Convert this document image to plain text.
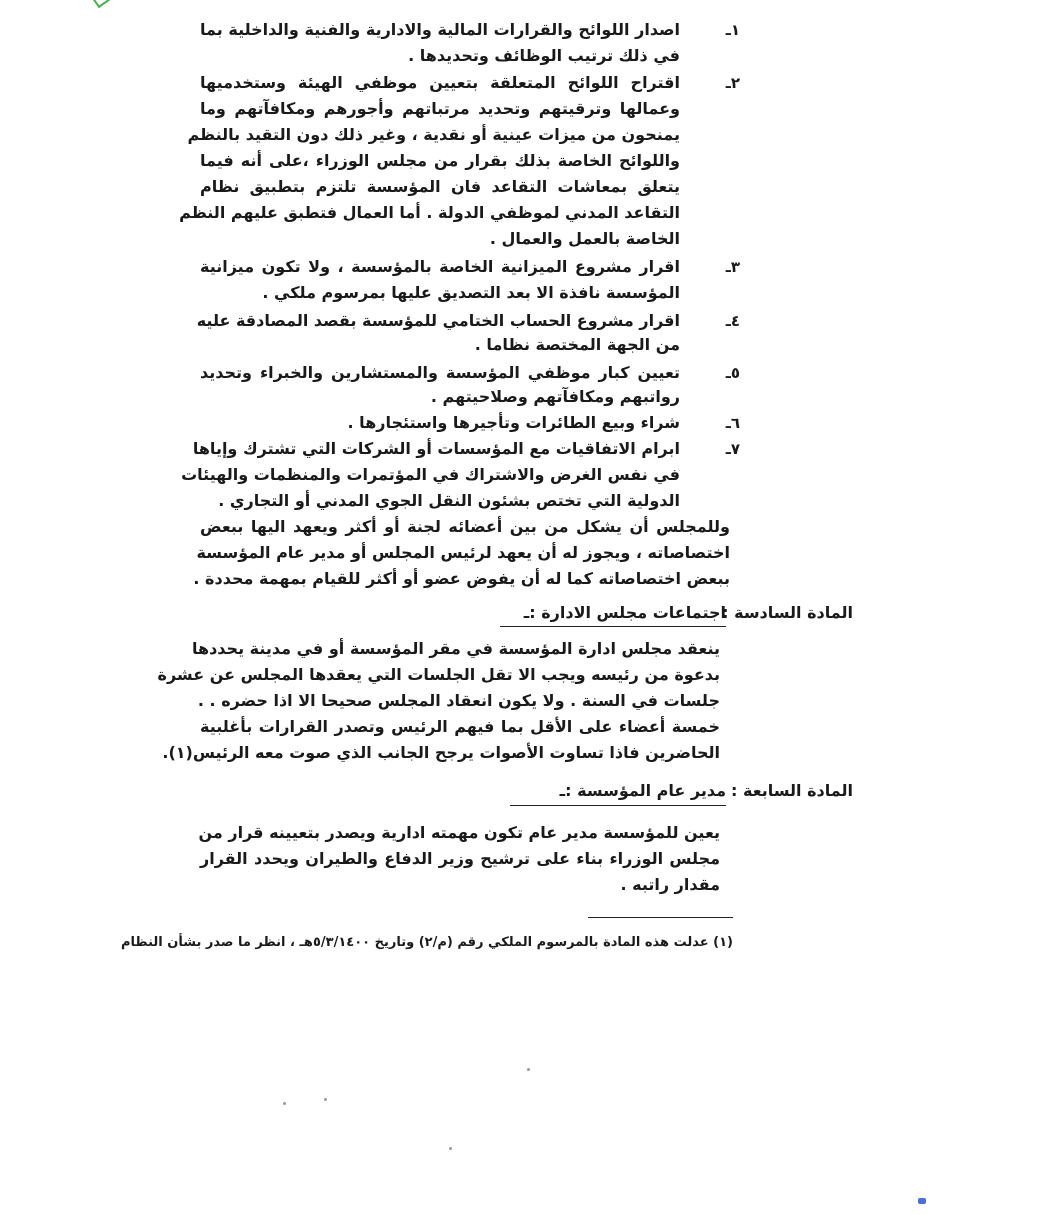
١ـ
اصدار اللوائح والقرارات المالية والادارية والفنية والداخلية بما
في ذلك ترتيب الوظائف وتحديدها .
٢ـ
اقتراح اللوائح المتعلقة بتعيين موظفي الهيئة وستخدميها
وعمالها وترقيتهم وتحديد مرتباتهم وأجورهم ومكافآتهم وما
يمنحون من ميزات عينية أو نقدية ، وغير ذلك دون التقيد بالنظم
واللوائح الخاصة بذلك بقرار من مجلس الوزراء ،على أنه فيما
يتعلق بمعاشات التقاعد فان المؤسسة تلتزم بتطبيق نظام
التقاعد المدني لموظفي الدولة . أما العمال فتطبق عليهم النظم
الخاصة بالعمل والعمال .
٣ـ
اقرار مشروع الميزانية الخاصة بالمؤسسة ، ولا تكون ميزانية
المؤسسة نافذة الا بعد التصديق عليها بمرسوم ملكي .
٤ـ
اقرار مشروع الحساب الختامي للمؤسسة بقصد المصادقة عليه
من الجهة المختصة نظاما .
٥ـ
تعيين كبار موظفي المؤسسة والمستشارين والخبراء وتحديد
رواتبهم ومكافآتهم وصلاحيتهم .
٦ـ
شراء وبيع الطائرات وتأجيرها واستئجارها .
٧ـ
ابرام الاتفاقيات مع المؤسسات أو الشركات التي تشترك وإياها
في نفس الغرض والاشتراك في المؤتمرات والمنظمات والهيئات
الدولية التي تختص بشئون النقل الجوي المدني أو التجاري .
وللمجلس أن يشكل من بين أعضائه لجنة أو أكثر ويعهد اليها ببعض
اختصاصاته ، ويجوز له أن يعهد لرئيس المجلس أو مدير عام المؤسسة
ببعض اختصاصاته كما له أن يفوض عضو أو أكثر للقيام بمهمة محددة .
المادة السادسة :
اجتماعات مجلس الادارة :ـ
ينعقد مجلس ادارة المؤسسة في مقر المؤسسة أو في مدينة يحددها
بدعوة من رئيسه ويجب الا تقل الجلسات التي يعقدها المجلس عن عشرة
جلسات في السنة . ولا يكون انعقاد المجلس صحيحا الا اذا حضره . .
خمسة أعضاء على الأقل بما فيهم الرئيس وتصدر القرارات بأغلبية
الحاضرين فاذا تساوت الأصوات يرجح الجانب الذي صوت معه الرئيس(١).
المادة السابعة :
مدير عام المؤسسة :ـ
يعين للمؤسسة مدير عام تكون مهمته ادارية ويصدر بتعيينه قرار من
مجلس الوزراء بناء على ترشيح وزير الدفاع والطيران ويحدد القرار
مقدار راتبه .
(١) عدلت هذه المادة بالمرسوم الملكي رقم (م/٢) وتاريخ ٥/٣/١٤٠٠هـ ، انظر ما صدر بشأن النظام
